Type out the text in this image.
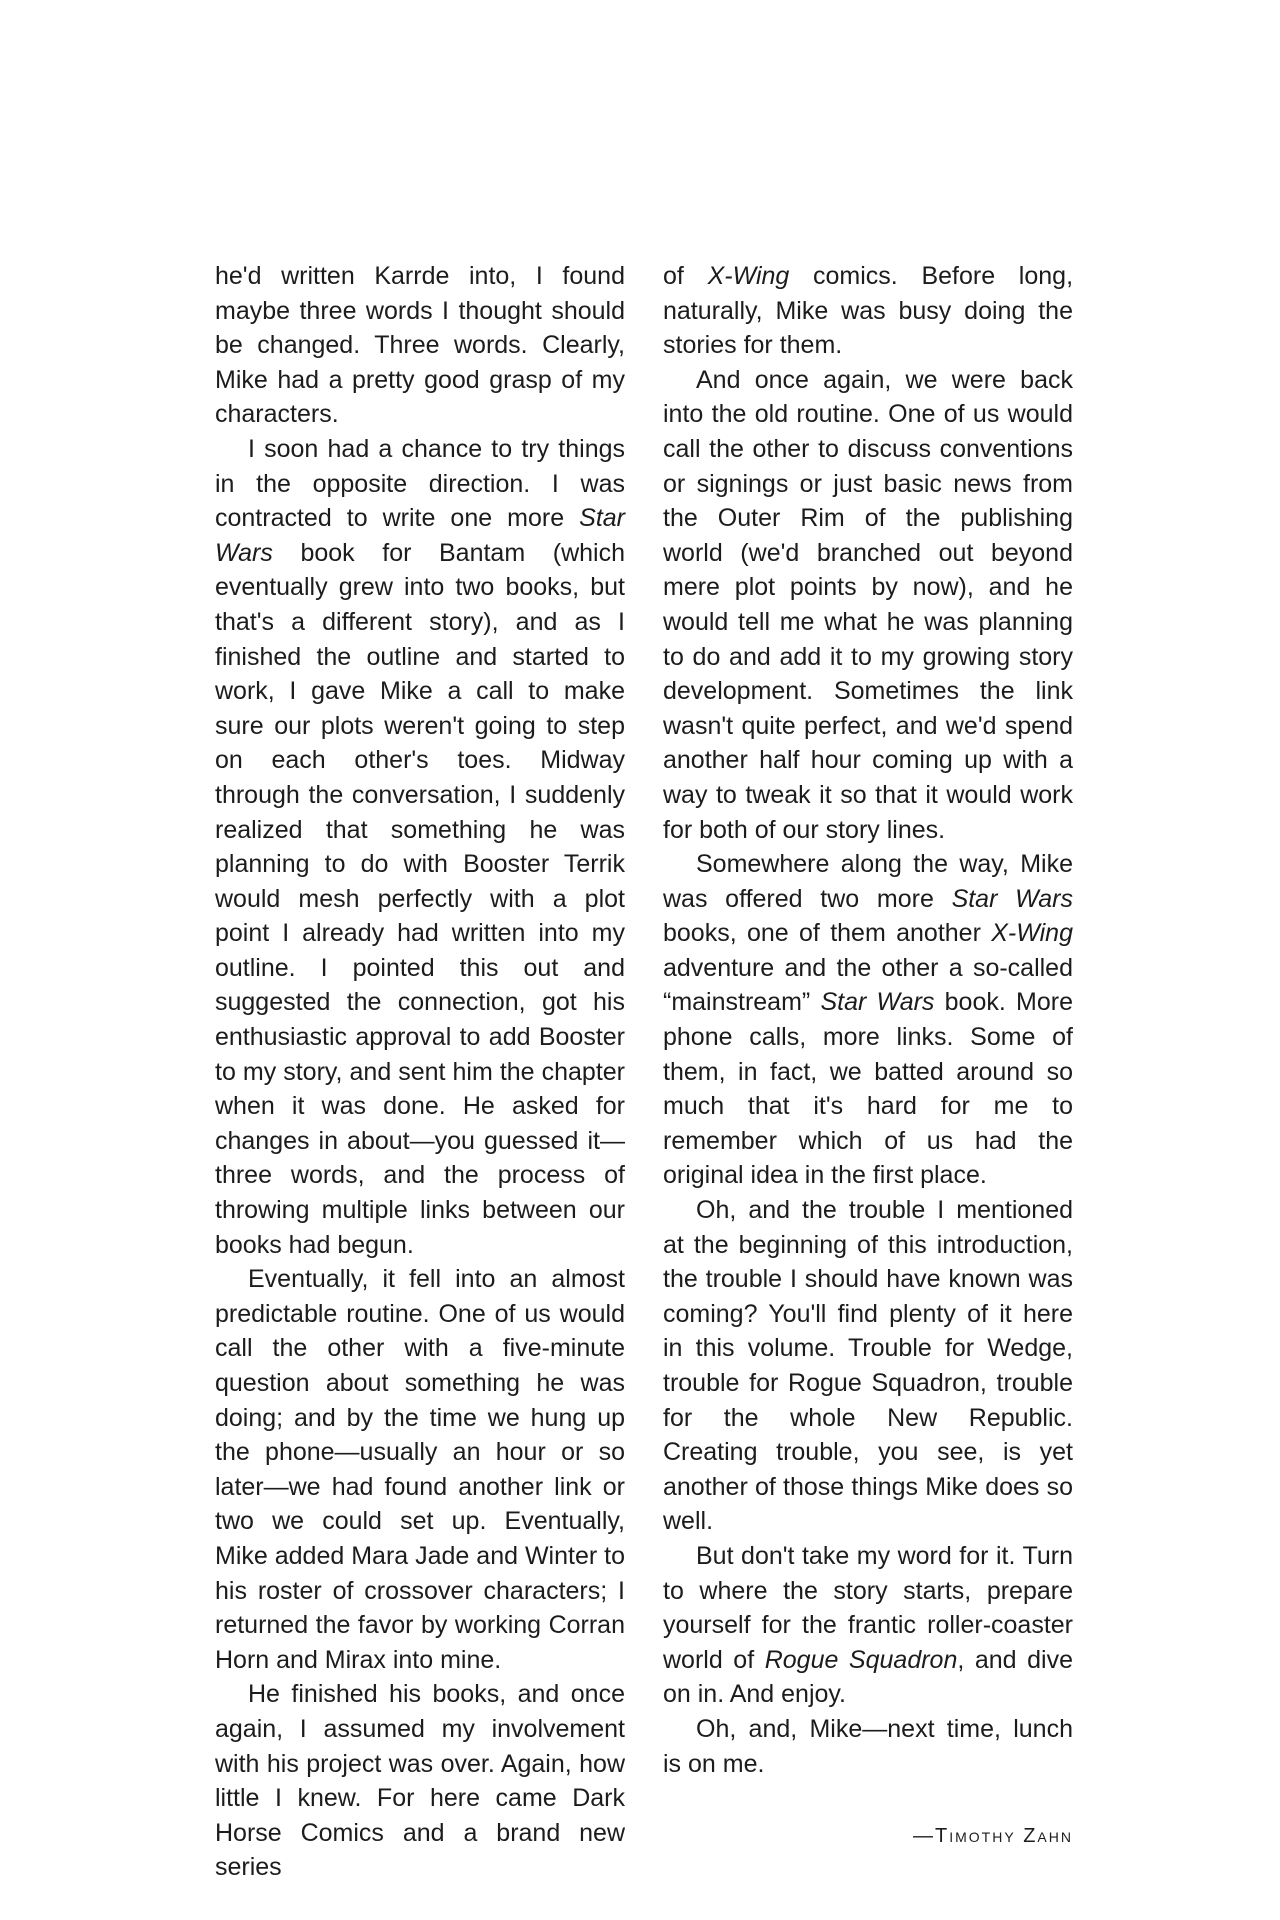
he'd written Karrde into, I found maybe three words I thought should be changed. Three words. Clearly, Mike had a pretty good grasp of my characters.

I soon had a chance to try things in the opposite direction. I was contracted to write one more Star Wars book for Bantam (which eventually grew into two books, but that's a different story), and as I finished the outline and started to work, I gave Mike a call to make sure our plots weren't going to step on each other's toes. Midway through the conversation, I suddenly realized that something he was planning to do with Booster Terrik would mesh perfectly with a plot point I already had written into my outline. I pointed this out and suggested the connection, got his enthusiastic approval to add Booster to my story, and sent him the chapter when it was done. He asked for changes in about—you guessed it—three words, and the process of throwing multiple links between our books had begun.

Eventually, it fell into an almost predictable routine. One of us would call the other with a five-minute question about something he was doing; and by the time we hung up the phone—usually an hour or so later—we had found another link or two we could set up. Eventually, Mike added Mara Jade and Winter to his roster of crossover characters; I returned the favor by working Corran Horn and Mirax into mine.

He finished his books, and once again, I assumed my involvement with his project was over. Again, how little I knew. For here came Dark Horse Comics and a brand new series

of X-Wing comics. Before long, naturally, Mike was busy doing the stories for them.

And once again, we were back into the old routine. One of us would call the other to discuss conventions or signings or just basic news from the Outer Rim of the publishing world (we'd branched out beyond mere plot points by now), and he would tell me what he was planning to do and add it to my growing story development. Sometimes the link wasn't quite perfect, and we'd spend another half hour coming up with a way to tweak it so that it would work for both of our story lines.

Somewhere along the way, Mike was offered two more Star Wars books, one of them another X-Wing adventure and the other a so-called “mainstream” Star Wars book. More phone calls, more links. Some of them, in fact, we batted around so much that it's hard for me to remember which of us had the original idea in the first place.

Oh, and the trouble I mentioned at the beginning of this introduction, the trouble I should have known was coming? You'll find plenty of it here in this volume. Trouble for Wedge, trouble for Rogue Squadron, trouble for the whole New Republic. Creating trouble, you see, is yet another of those things Mike does so well.

But don't take my word for it. Turn to where the story starts, prepare yourself for the frantic roller-coaster world of Rogue Squadron, and dive on in. And enjoy.

Oh, and, Mike—next time, lunch is on me.

—Timothy Zahn
